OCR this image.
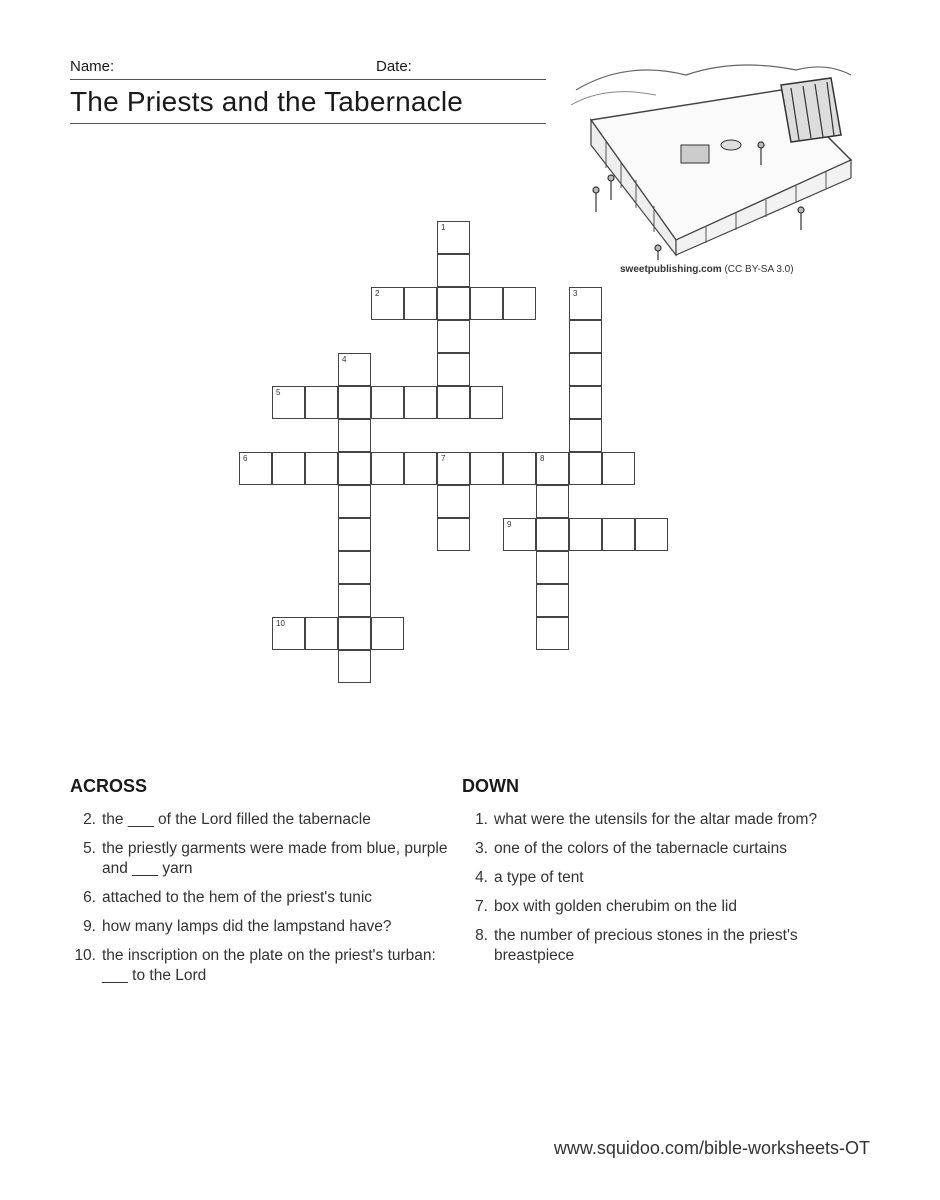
Name:	Date:
The Priests and the Tabernacle
sweetpublishing.com (CC BY-SA 3.0)
1
2	3
4
5
6	7	8
9
10
ACROSS
2. the ___ of the Lord filled the tabernacle
5. the priestly garments were made from blue, purple and ___ yarn
6. attached to the hem of the priest's tunic
9. how many lamps did the lampstand have?
10. the inscription on the plate on the priest's turban: ___ to the Lord
DOWN
1. what were the utensils for the altar made from?
3. one of the colors of the tabernacle curtains
4. a type of tent
7. box with golden cherubim on the lid
8. the number of precious stones in the priest's breastpiece
www.squidoo.com/bible-worksheets-OT
